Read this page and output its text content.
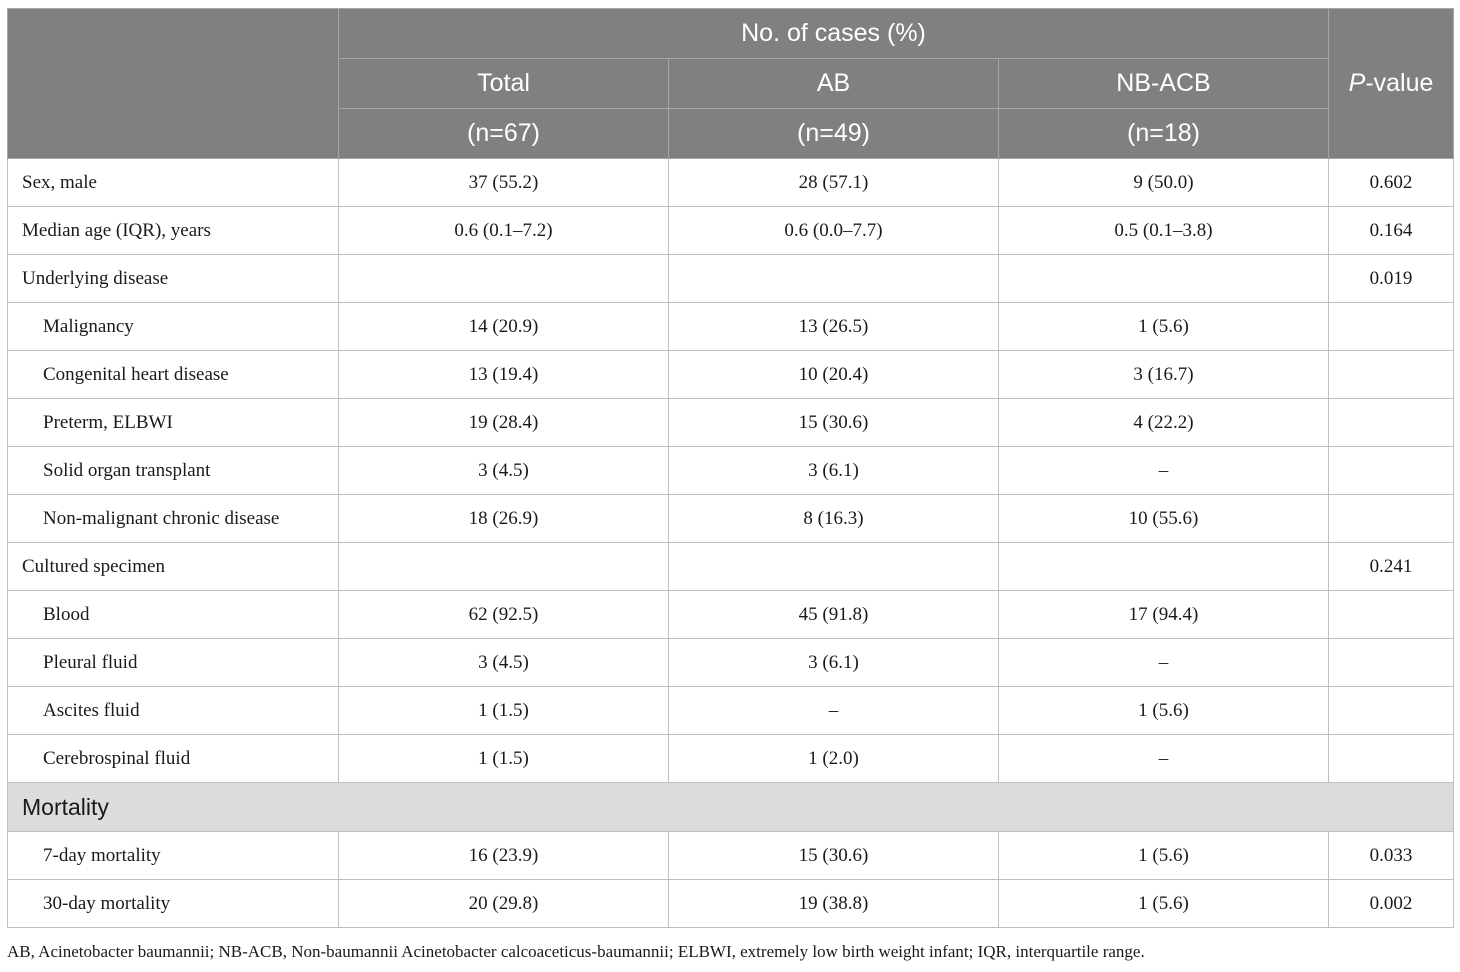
	No. of cases (%)			P-value
	Total	AB	NB-ACB	
	(n=67)	(n=49)	(n=18)	
Sex, male	37 (55.2)	28 (57.1)	9 (50.0)	0.602
Median age (IQR), years	0.6 (0.1–7.2)	0.6 (0.0–7.7)	0.5 (0.1–3.8)	0.164
Underlying disease				0.019
Malignancy	14 (20.9)	13 (26.5)	1 (5.6)	
Congenital heart disease	13 (19.4)	10 (20.4)	3 (16.7)	
Preterm, ELBWI	19 (28.4)	15 (30.6)	4 (22.2)	
Solid organ transplant	3 (4.5)	3 (6.1)	–	
Non-malignant chronic disease	18 (26.9)	8 (16.3)	10 (55.6)	
Cultured specimen				0.241
Blood	62 (92.5)	45 (91.8)	17 (94.4)	
Pleural fluid	3 (4.5)	3 (6.1)	–	
Ascites fluid	1 (1.5)	–	1 (5.6)	
Cerebrospinal fluid	1 (1.5)	1 (2.0)	–	
Mortality				
7-day mortality	16 (23.9)	15 (30.6)	1 (5.6)	0.033
30-day mortality	20 (29.8)	19 (38.8)	1 (5.6)	0.002
AB, Acinetobacter baumannii; NB-ACB, Non-baumannii Acinetobacter calcoaceticus-baumannii; ELBWI, extremely low birth weight infant; IQR, interquartile range.
